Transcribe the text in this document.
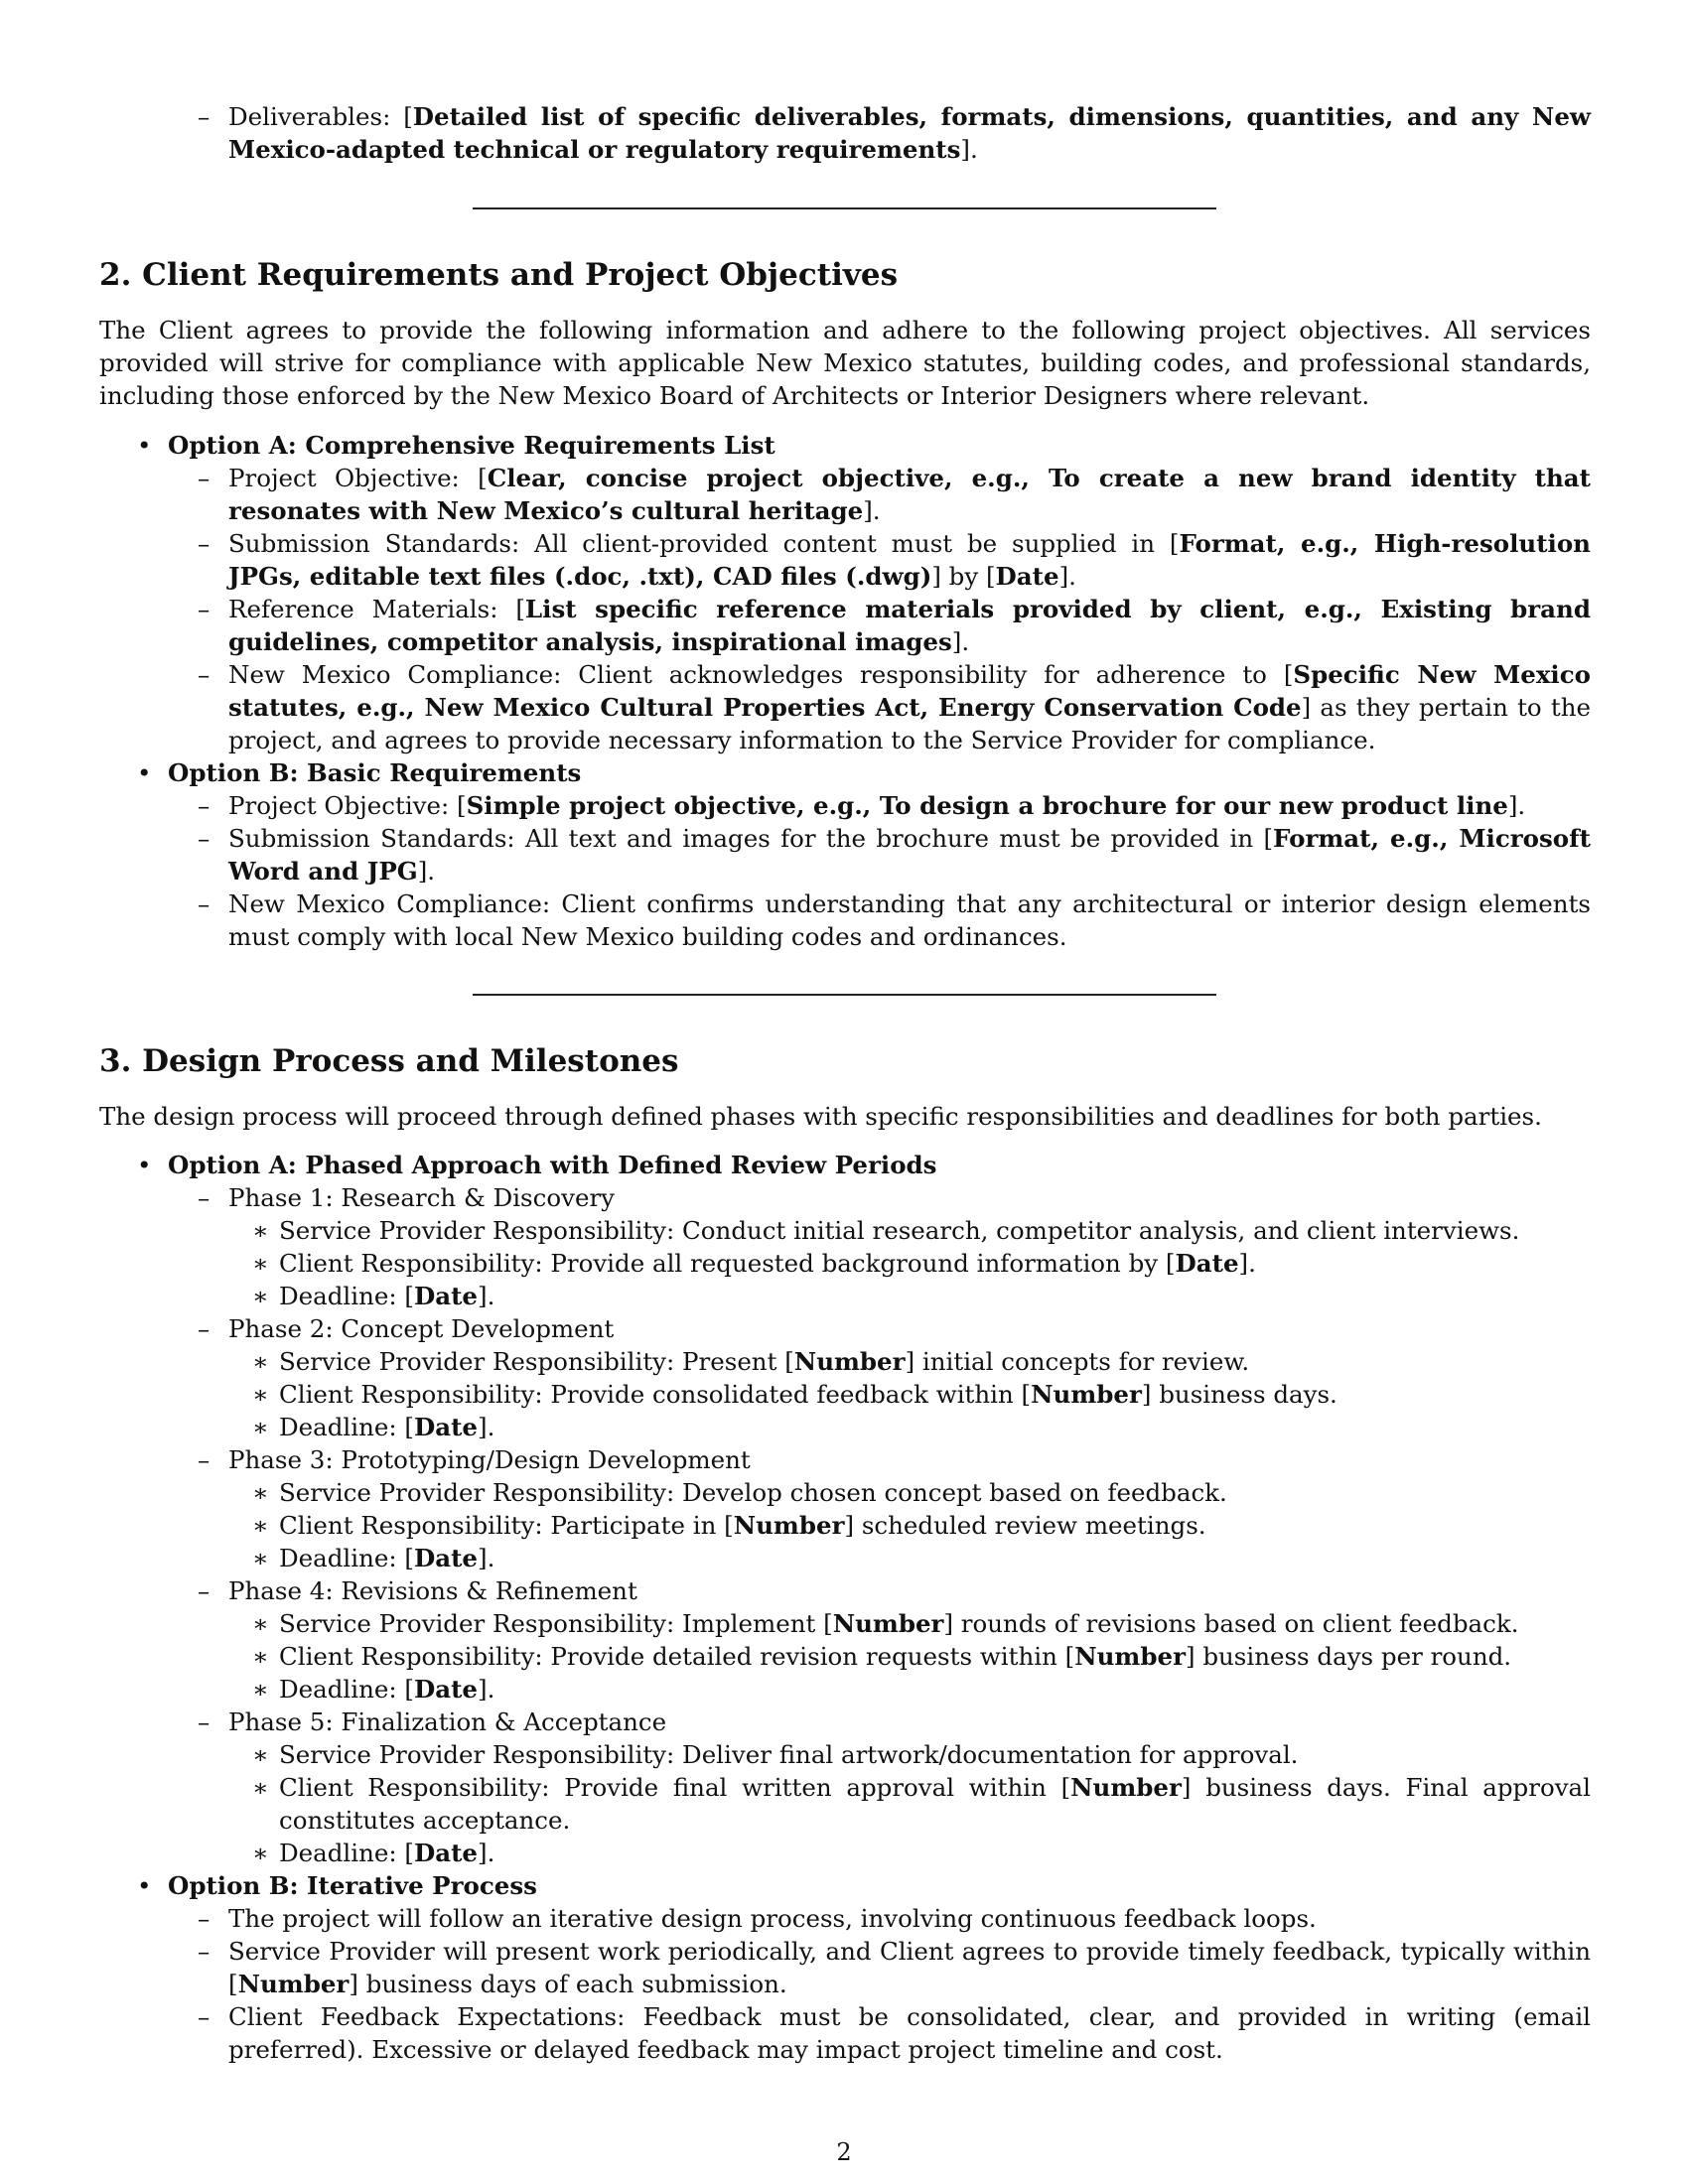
– Deliverables: [Detailed list of specific deliverables, formats, dimensions, quantities, and any New Mexico-adapted technical or regulatory requirements].

2. Client Requirements and Project Objectives

The Client agrees to provide the following information and adhere to the following project objectives. All services provided will strive for compliance with applicable New Mexico statutes, building codes, and professional standards, including those enforced by the New Mexico Board of Architects or Interior Designers where relevant.

• Option A: Comprehensive Requirements List

– Project Objective: [Clear, concise project objective, e.g., To create a new brand identity that resonates with New Mexico’s cultural heritage].

– Submission Standards: All client-provided content must be supplied in [Format, e.g., High-resolution JPGs, editable text files (.doc, .txt), CAD files (.dwg)] by [Date].

– Reference Materials: [List specific reference materials provided by client, e.g., Existing brand guidelines, competitor analysis, inspirational images].

– New Mexico Compliance: Client acknowledges responsibility for adherence to [Specific New Mexico statutes, e.g., New Mexico Cultural Properties Act, Energy Conservation Code] as they pertain to the project, and agrees to provide necessary information to the Service Provider for compliance.

• Option B: Basic Requirements

– Project Objective: [Simple project objective, e.g., To design a brochure for our new product line].

– Submission Standards: All text and images for the brochure must be provided in [Format, e.g., Microsoft Word and JPG].

– New Mexico Compliance: Client confirms understanding that any architectural or interior design elements must comply with local New Mexico building codes and ordinances.

3. Design Process and Milestones

The design process will proceed through defined phases with specific responsibilities and deadlines for both parties.

• Option A: Phased Approach with Defined Review Periods

– Phase 1: Research & Discovery

∗ Service Provider Responsibility: Conduct initial research, competitor analysis, and client interviews.

∗ Client Responsibility: Provide all requested background information by [Date].

∗ Deadline: [Date].

– Phase 2: Concept Development

∗ Service Provider Responsibility: Present [Number] initial concepts for review.

∗ Client Responsibility: Provide consolidated feedback within [Number] business days.

∗ Deadline: [Date].

– Phase 3: Prototyping/Design Development

∗ Service Provider Responsibility: Develop chosen concept based on feedback.

∗ Client Responsibility: Participate in [Number] scheduled review meetings.

∗ Deadline: [Date].

– Phase 4: Revisions & Refinement

∗ Service Provider Responsibility: Implement [Number] rounds of revisions based on client feedback.

∗ Client Responsibility: Provide detailed revision requests within [Number] business days per round.

∗ Deadline: [Date].

– Phase 5: Finalization & Acceptance

∗ Service Provider Responsibility: Deliver final artwork/documentation for approval.

∗ Client Responsibility: Provide final written approval within [Number] business days. Final approval constitutes acceptance.

∗ Deadline: [Date].

• Option B: Iterative Process

– The project will follow an iterative design process, involving continuous feedback loops.

– Service Provider will present work periodically, and Client agrees to provide timely feedback, typically within [Number] business days of each submission.

– Client Feedback Expectations: Feedback must be consolidated, clear, and provided in writing (email preferred). Excessive or delayed feedback may impact project timeline and cost.

2
